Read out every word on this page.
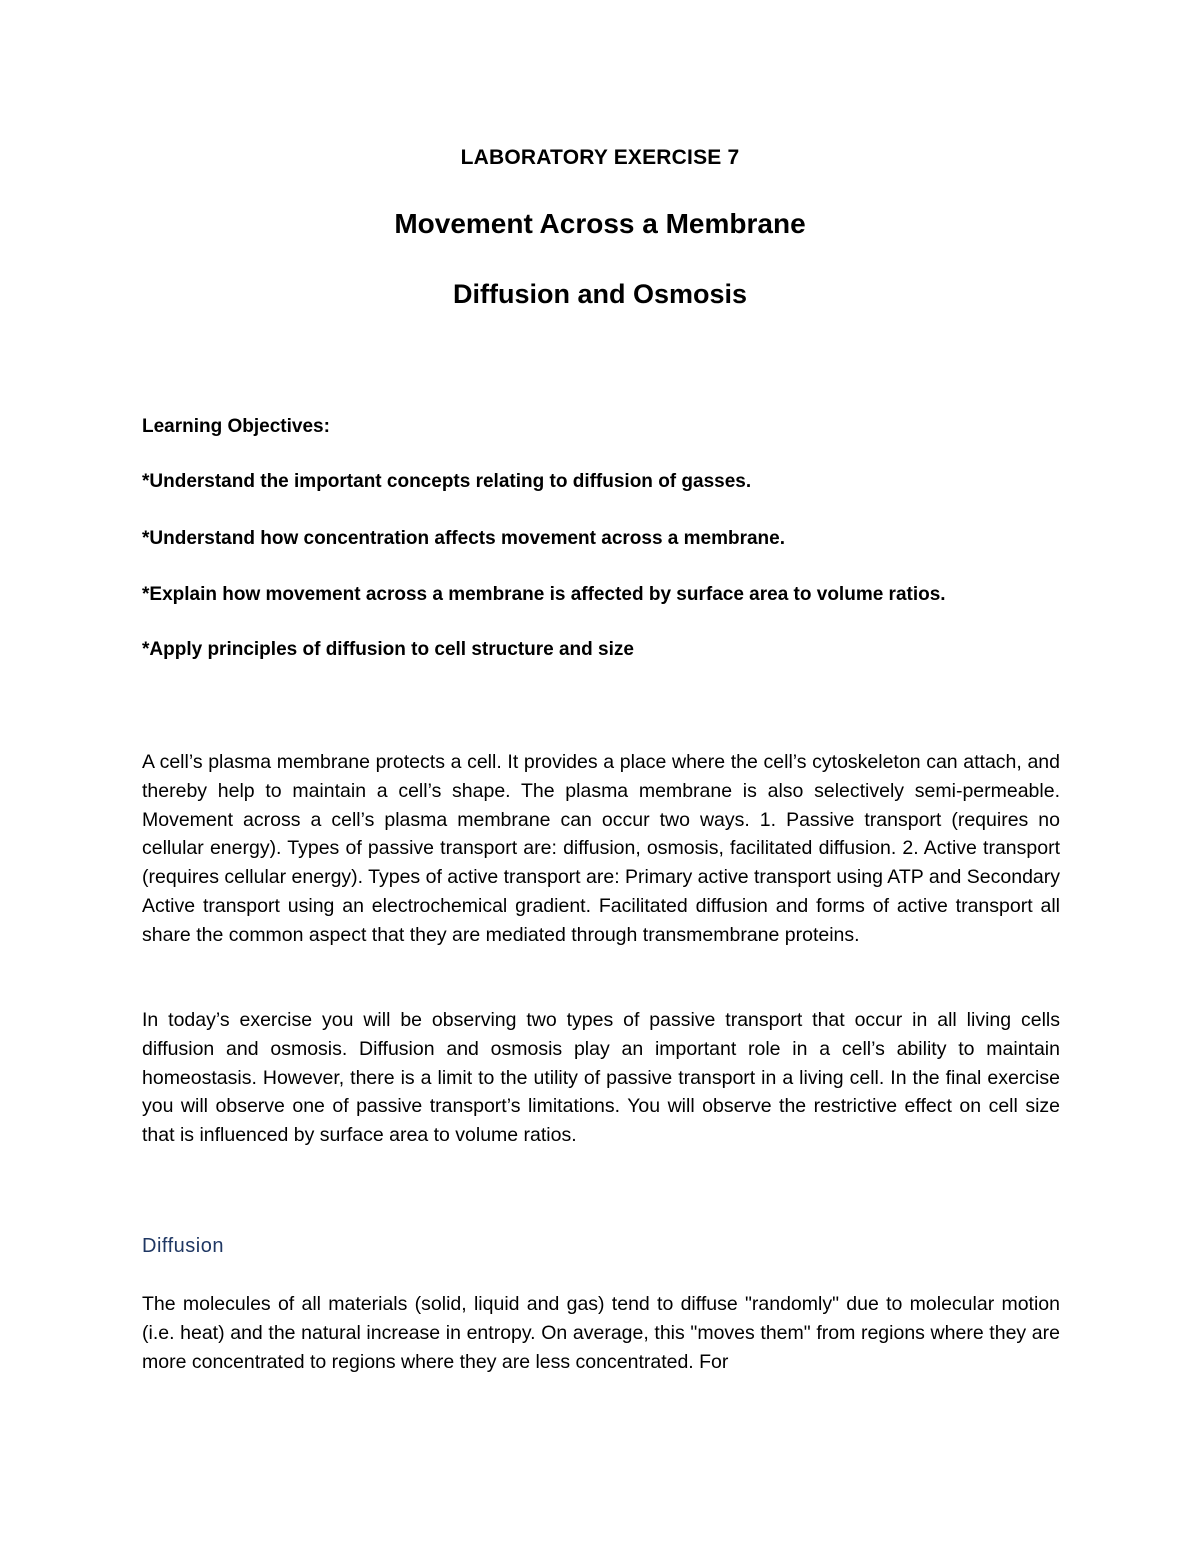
LABORATORY EXERCISE 7
Movement Across a Membrane
Diffusion and Osmosis
Learning Objectives:
*Understand the important concepts relating to diffusion of gasses.
*Understand how concentration affects movement across a membrane.
*Explain how movement across a membrane is affected by surface area to volume ratios.
*Apply principles of diffusion to cell structure and size

A cell’s plasma membrane protects a cell. It provides a place where the cell’s cytoskeleton can attach, and thereby help to maintain a cell’s shape. The plasma membrane is also selectively semi-permeable. Movement across a cell’s plasma membrane can occur two ways. 1. Passive transport (requires no cellular energy). Types of passive transport are: diffusion, osmosis, facilitated diffusion. 2. Active transport (requires cellular energy). Types of active transport are: Primary active transport using ATP and Secondary Active transport using an electrochemical gradient. Facilitated diffusion and forms of active transport all share the common aspect that they are mediated through transmembrane proteins.

In today’s exercise you will be observing two types of passive transport that occur in all living cells diffusion and osmosis. Diffusion and osmosis play an important role in a cell’s ability to maintain homeostasis. However, there is a limit to the utility of passive transport in a living cell. In the final exercise you will observe one of passive transport’s limitations. You will observe the restrictive effect on cell size that is influenced by surface area to volume ratios.

Diffusion

The molecules of all materials (solid, liquid and gas) tend to diffuse "randomly" due to molecular motion (i.e. heat) and the natural increase in entropy. On average, this "moves them" from regions where they are more concentrated to regions where they are less concentrated. For
